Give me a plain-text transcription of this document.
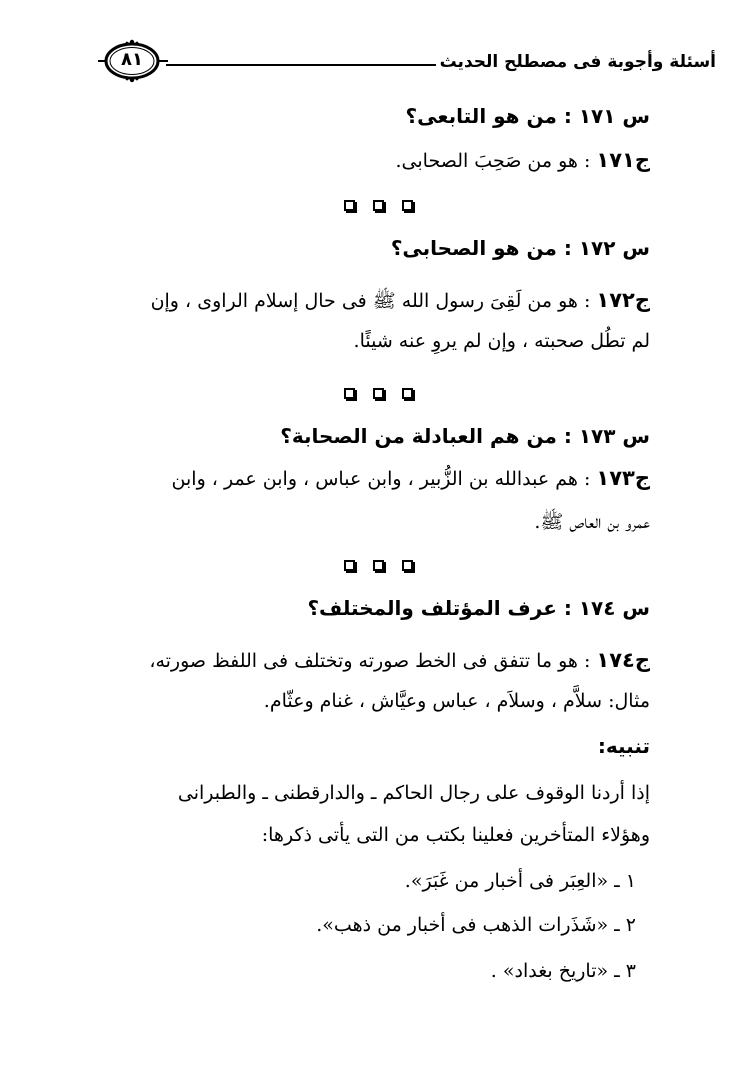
أسئلة وأجوبة فى مصطلح الحديث
٨١
س ١٧١ : من هو التابعى؟
ج١٧١ : هو من صَحِبَ الصحابى.
س ١٧٢ : من هو الصحابى؟
ج١٧٢ : هو من لَقِىَ رسول الله ﷺ فى حال إسلام الراوى ، وإن
لم تطُل صحبته ، وإن لم يروِ عنه شيئًا.
س ١٧٣ : من هم العبادلة من الصحابة؟
ج١٧٣ : هم عبدالله بن الزُّبير ، وابن عباس ، وابن عمر ، وابن
عمرو بن العاص ﷺ.
س ١٧٤ : عرف المؤتلف والمختلف؟
ج١٧٤ : هو ما تتفق فى الخط صورته وتختلف فى اللفظ صورته،
مثال: سلاَّم ، وسلاَم ، عباس وعيَّاش ، غنام وعثّام.
تنبيه:
إذا أردنا الوقوف على رجال الحاكم ـ والدارقطنى ـ والطبرانى
وهؤلاء المتأخرين فعلينا بكتب من التى يأتى ذكرها:
١ ـ «العِبَر فى أخبار من غَبَرَ».
٢ ـ «شَذَرات الذهب فى أخبار من ذهب».
٣ ـ «تاريخ بغداد» .
